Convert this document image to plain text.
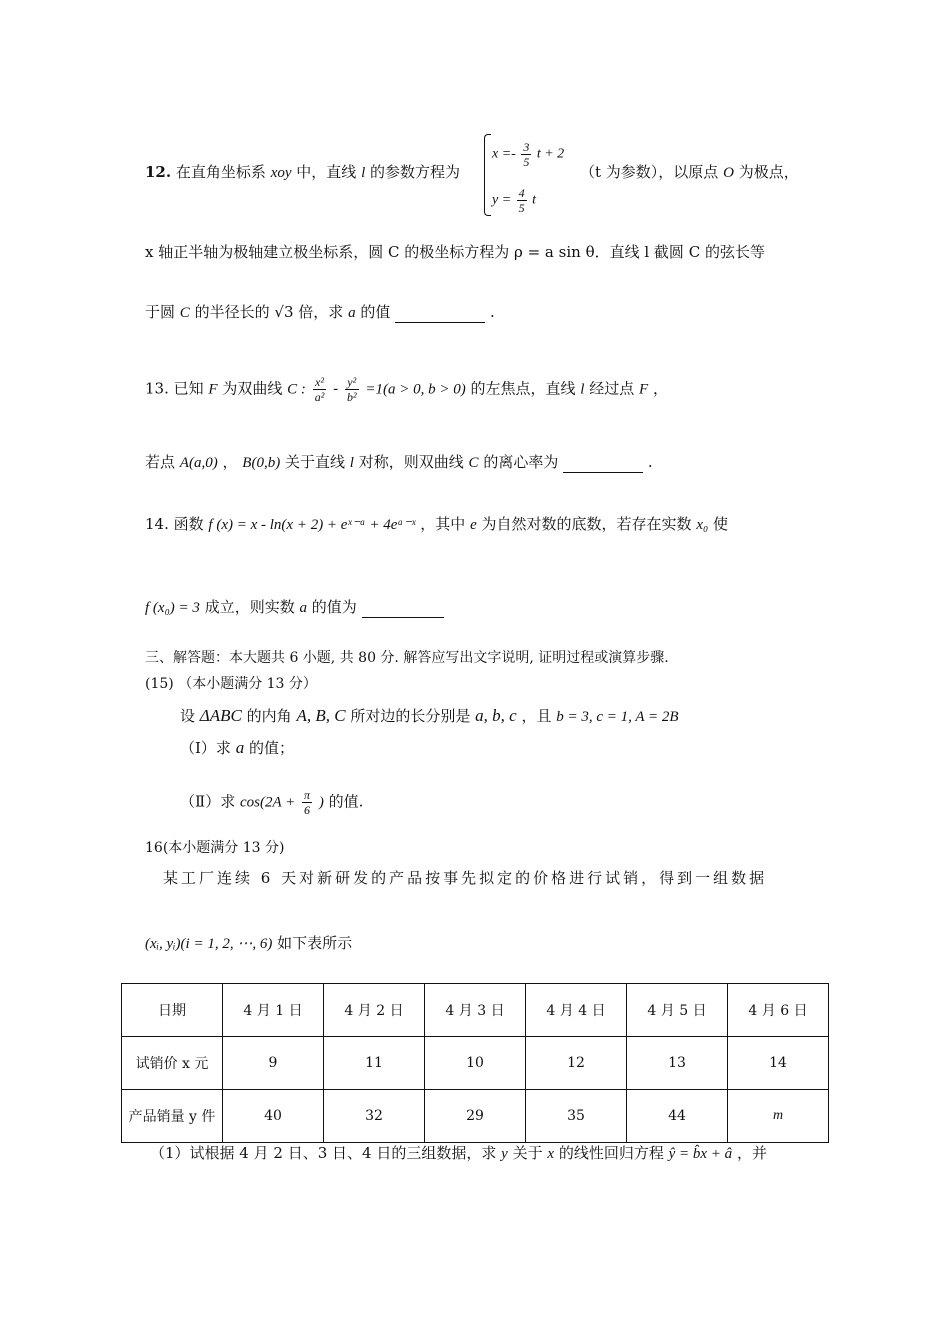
12. 在直角坐标系 xoy 中，直线 l 的参数方程为
$x =- \frac{3}{5}$ t + 2
$y = \frac{4}{5}$ t
（t 为参数），以原点 O 为极点，
x 轴正半轴为极轴建立极坐标系，圆 C 的极坐标方程为 ρ = a sin θ．直线 l 截圆 C 的弦长等
于圆 C 的半径长的 √3 倍，求 a 的值	.
13. 已知 F 为双曲线 C : $\frac{\text{x²}}{\text{a²}} - \frac{\text{y²}}{\text{b²}} =1(a > 0$, b > 0) 的左焦点，直线 l 经过点 F ，
若点 A(a,0) ， B(0,b) 关于直线 l 对称，则双曲线 C 的离心率为	.
14. 函数 f (x) = x - ln(x + 2) + eˣ⁻ᵃ + 4eᵃ⁻ˣ ，其中 e 为自然对数的底数，若存在实数 x₀ 使
f (x₀) = 3 成立，则实数 a 的值为
三、解答题：本大题共 6 小题, 共 80 分. 解答应写出文字说明, 证明过程或演算步骤.
(15) （本小题满分 13 分）
设 ΔABC 的内角 A, B, C 所对边的长分别是 a, b, c ，且 b = 3, c = 1, A = 2B
（Ⅰ）求 a 的值；
（Ⅱ）求 $\cos(2A + \frac{\pi}{6}$ ) 的值.
16(本小题满分 13 分)
某工厂连续 6 天对新研发的产品按事先拟定的价格进行试销，得到一组数据
(xᵢ, yᵢ)(i = 1, 2, ⋯, 6) 如下表所示
日期	4 月 1 日	4 月 2 日	4 月 3 日	4 月 4 日	4 月 5 日	4 月 6 日
试销价 x 元	9	11	10	12	13	14
产品销量 y 件	40	32	29	35	44	m
（1）试根据 4 月 2 日、3 日、4 日的三组数据，求 y 关于 x 的线性回归方程 ŷ = b̂x + â ，并
